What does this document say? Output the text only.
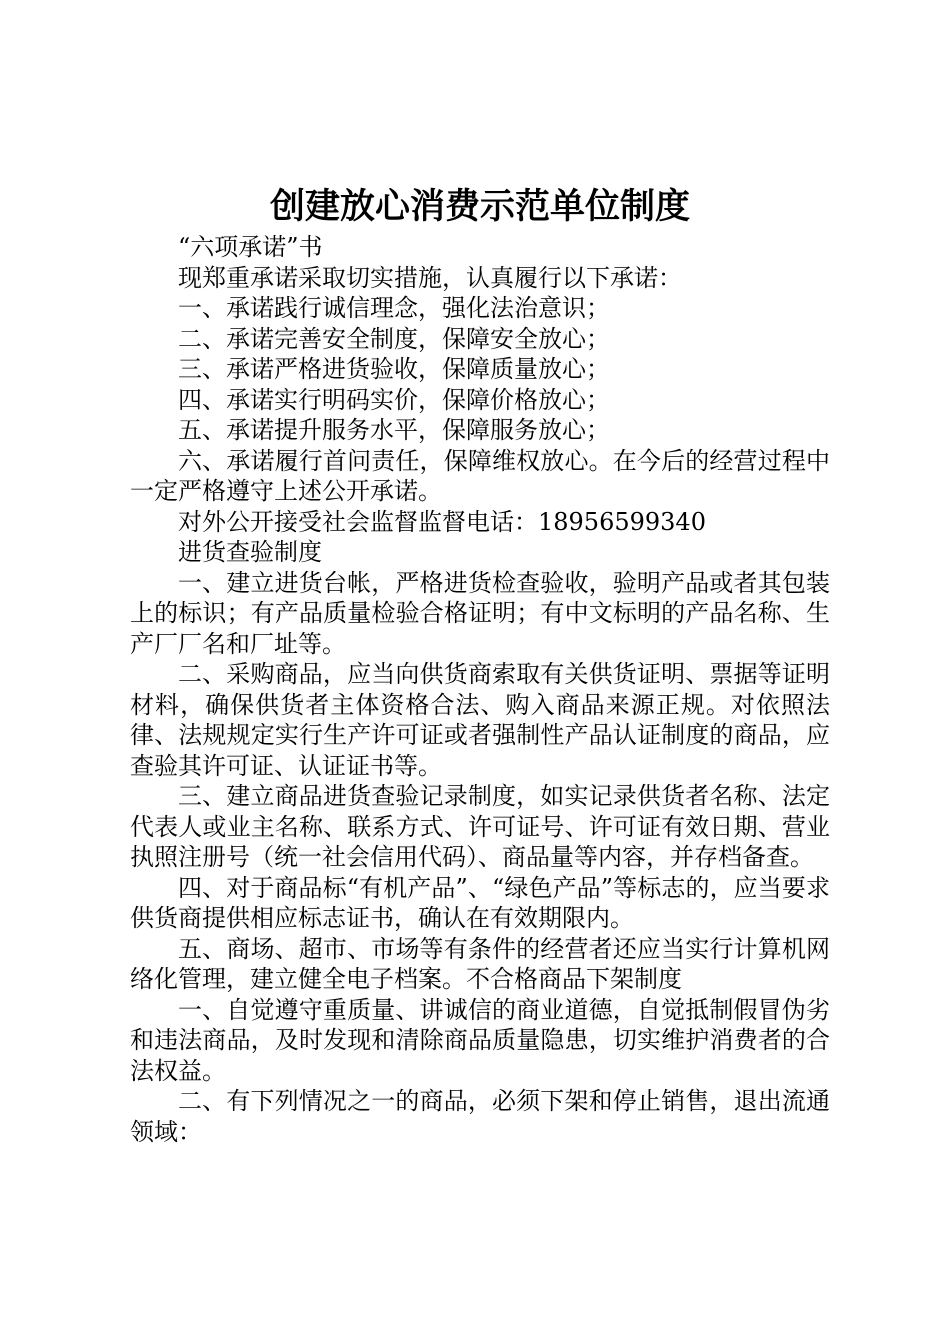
创建放心消费示范单位制度

“六项承诺”书

现郑重承诺采取切实措施，认真履行以下承诺：

一、承诺践行诚信理念，强化法治意识；

二、承诺完善安全制度，保障安全放心；

三、承诺严格进货验收，保障质量放心；

四、承诺实行明码实价，保障价格放心；

五、承诺提升服务水平，保障服务放心；

六、承诺履行首问责任，保障维权放心。在今后的经营过程中一定严格遵守上述公开承诺。

对外公开接受社会监督监督电话：18956599340

进货查验制度

一、建立进货台帐，严格进货检查验收，验明产品或者其包装上的标识；有产品质量检验合格证明；有中文标明的产品名称、生产厂厂名和厂址等。

二、采购商品，应当向供货商索取有关供货证明、票据等证明材料，确保供货者主体资格合法、购入商品来源正规。对依照法律、法规规定实行生产许可证或者强制性产品认证制度的商品，应查验其许可证、认证证书等。

三、建立商品进货查验记录制度，如实记录供货者名称、法定代表人或业主名称、联系方式、许可证号、许可证有效日期、营业执照注册号（统一社会信用代码）、商品量等内容，并存档备查。

四、对于商品标“有机产品”、“绿色产品”等标志的，应当要求供货商提供相应标志证书，确认在有效期限内。

五、商场、超市、市场等有条件的经营者还应当实行计算机网络化管理，建立健全电子档案。不合格商品下架制度

一、自觉遵守重质量、讲诚信的商业道德，自觉抵制假冒伪劣和违法商品，及时发现和清除商品质量隐患，切实维护消费者的合法权益。

二、有下列情况之一的商品，必须下架和停止销售，退出流通领域：
